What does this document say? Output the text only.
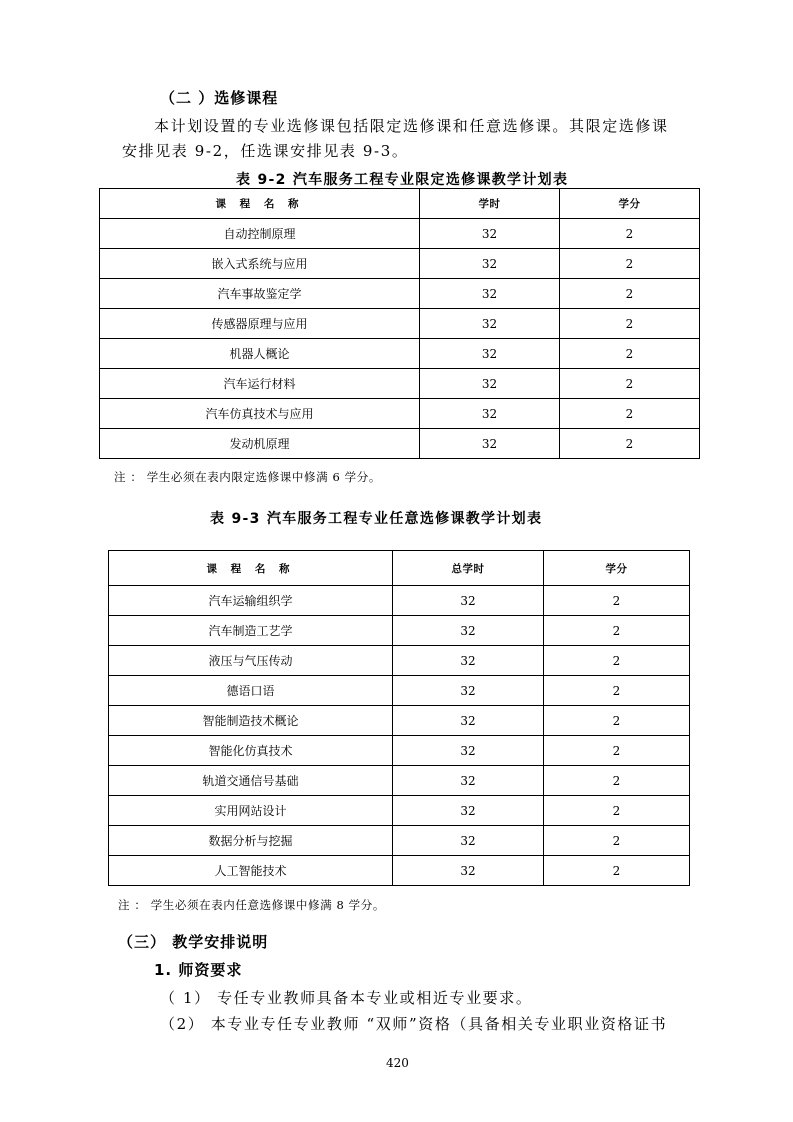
（二 ）选修课程
本计划设置的专业选修课包括限定选修课和任意选修课。其限定选修课
安排见表 9-2，任选课安排见表 9-3。
表 9-2 汽车服务工程专业限定选修课教学计划表
课 程 名 称	学时	学分
自动控制原理	32	2
嵌入式系统与应用	32	2
汽车事故鉴定学	32	2
传感器原理与应用	32	2
机器人概论	32	2
汽车运行材料	32	2
汽车仿真技术与应用	32	2
发动机原理	32	2
注 ： 学生必须在表内限定选修课中修满 6 学分。
表 9-3 汽车服务工程专业任意选修课教学计划表
课 程 名 称	总学时	学分
汽车运输组织学	32	2
汽车制造工艺学	32	2
液压与气压传动	32	2
德语口语	32	2
智能制造技术概论	32	2
智能化仿真技术	32	2
轨道交通信号基础	32	2
实用网站设计	32	2
数据分析与挖掘	32	2
人工智能技术	32	2
注 ： 学生必须在表内任意选修课中修满 8 学分。
（三） 教学安排说明
1. 师资要求
（ 1） 专任专业教师具备本专业或相近专业要求。
（2） 本专业专任专业教师 “双师”资格（具备相关专业职业资格证书
420
